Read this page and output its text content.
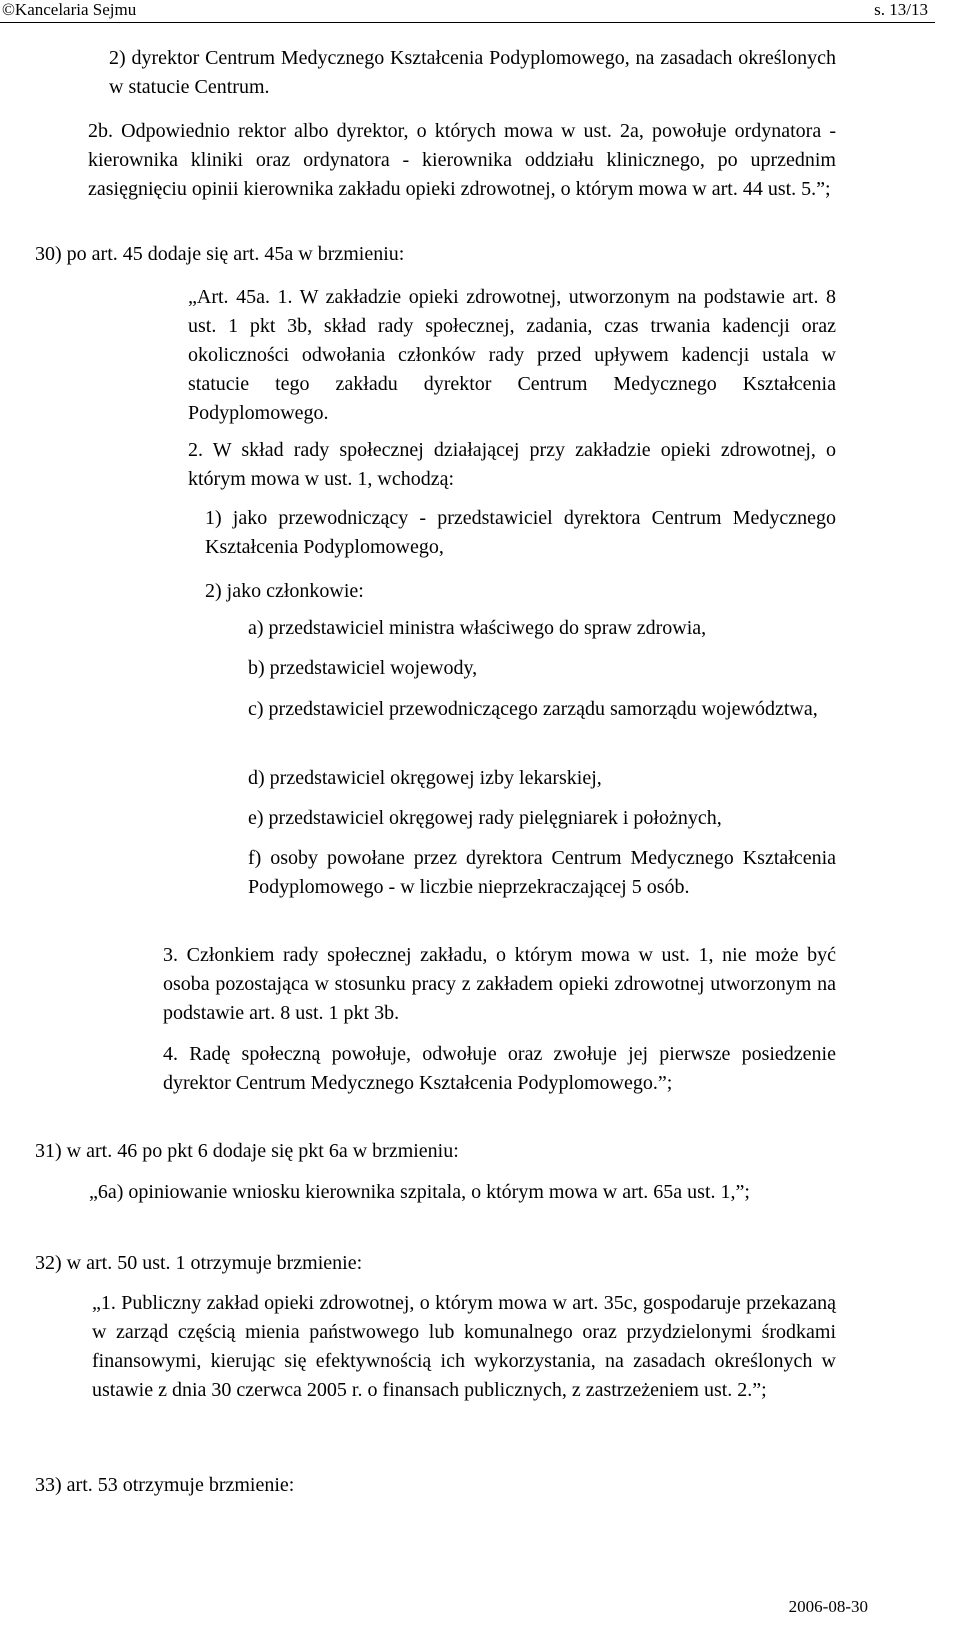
©Kancelaria Sejmu	s. 13/13

2) dyrektor Centrum Medycznego Kształcenia Podyplomowego, na zasadach określonych w statucie Centrum.

2b. Odpowiednio rektor albo dyrektor, o których mowa w ust. 2a, powołuje ordynatora - kierownika kliniki oraz ordynatora - kierownika oddziału klinicznego, po uprzednim zasięgnięciu opinii kierownika zakładu opieki zdrowotnej, o którym mowa w art. 44 ust. 5.”;

30) po art. 45 dodaje się art. 45a w brzmieniu:

„Art. 45a. 1. W zakładzie opieki zdrowotnej, utworzonym na podstawie art. 8 ust. 1 pkt 3b, skład rady społecznej, zadania, czas trwania kadencji oraz okoliczności odwołania członków rady przed upływem kadencji ustala w statucie tego zakładu dyrektor Centrum Medycznego Kształcenia Podyplomowego.

2. W skład rady społecznej działającej przy zakładzie opieki zdrowotnej, o którym mowa w ust. 1, wchodzą:

1) jako przewodniczący - przedstawiciel dyrektora Centrum Medycznego Kształcenia Podyplomowego,

2) jako członkowie:

a) przedstawiciel ministra właściwego do spraw zdrowia,

b) przedstawiciel wojewody,

c) przedstawiciel przewodniczącego zarządu samorządu województwa,

d) przedstawiciel okręgowej izby lekarskiej,

e) przedstawiciel okręgowej rady pielęgniarek i położnych,

f) osoby powołane przez dyrektora Centrum Medycznego Kształcenia Podyplomowego - w liczbie nieprzekraczającej 5 osób.

3. Członkiem rady społecznej zakładu, o którym mowa w ust. 1, nie może być osoba pozostająca w stosunku pracy z zakładem opieki zdrowotnej utworzonym na podstawie art. 8 ust. 1 pkt 3b.

4. Radę społeczną powołuje, odwołuje oraz zwołuje jej pierwsze posiedzenie dyrektor Centrum Medycznego Kształcenia Podyplomowego.”;

31) w art. 46 po pkt 6 dodaje się pkt 6a w brzmieniu:

„6a) opiniowanie wniosku kierownika szpitala, o którym mowa w art. 65a ust. 1,”;

32) w art. 50 ust. 1 otrzymuje brzmienie:

„1. Publiczny zakład opieki zdrowotnej, o którym mowa w art. 35c, gospodaruje przekazaną w zarząd częścią mienia państwowego lub komunalnego oraz przydzielonymi środkami finansowymi, kierując się efektywnością ich wykorzystania, na zasadach określonych w ustawie z dnia 30 czerwca 2005 r. o finansach publicznych, z zastrzeżeniem ust. 2.”;

33) art. 53 otrzymuje brzmienie:

2006-08-30
